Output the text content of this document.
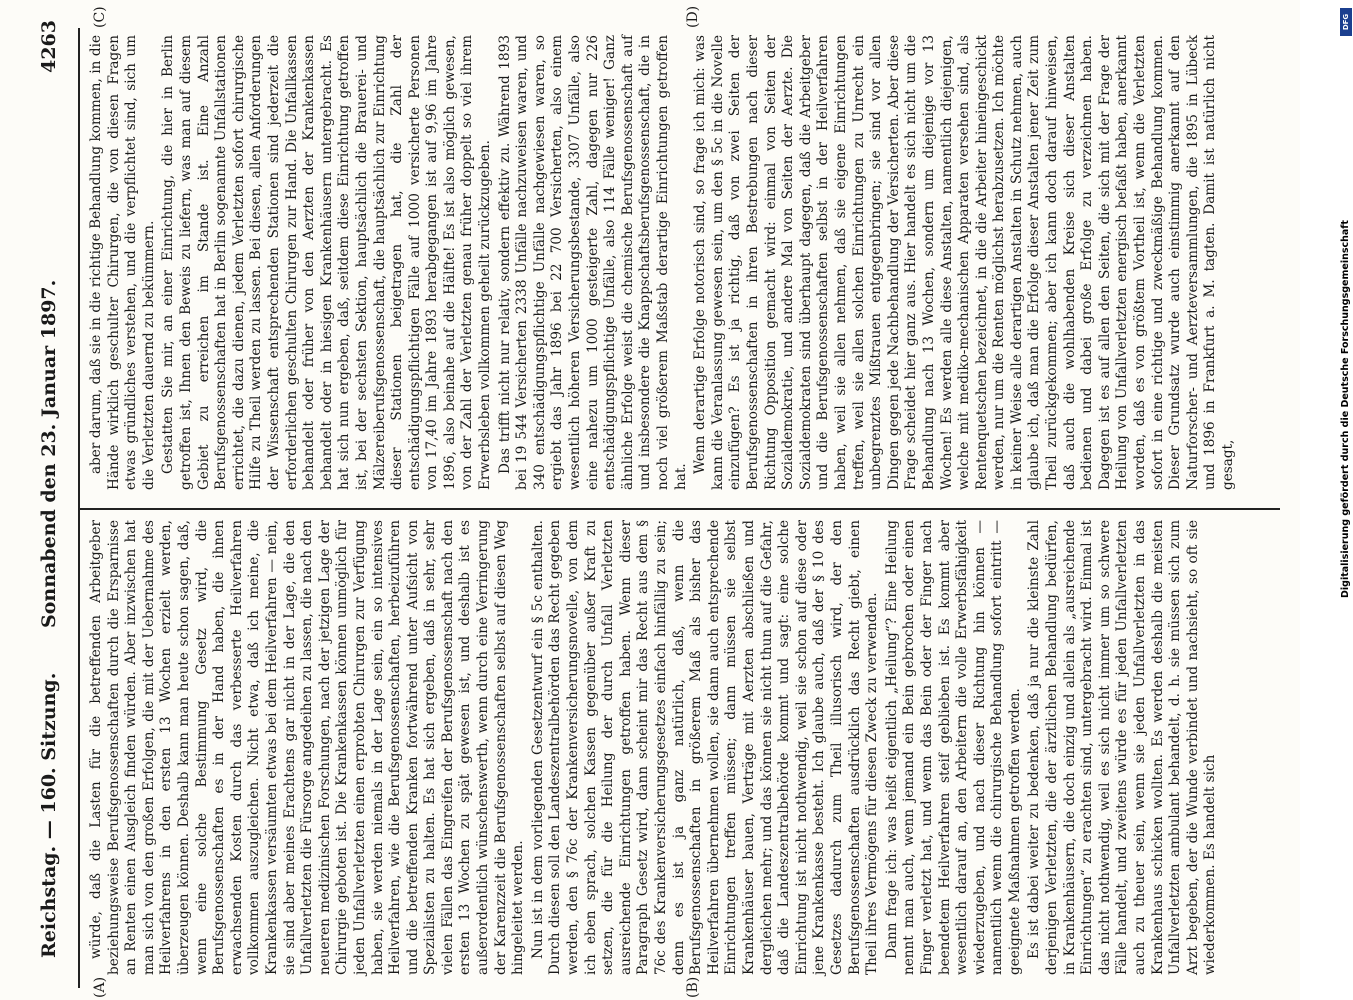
Reichstag. — 160. Sitzung.
Sonnabend den 23. Januar 1897.
4263
(A)	(B)
(C)	(D)

würde, daß die Lasten für die betreffenden Arbeitgeber beziehungsweise Berufsgenossenschaften durch die Ersparnisse an Renten einen Ausgleich finden würden. Aber inzwischen hat man sich von den großen Erfolgen, die mit der Uebernahme des Heilverfahrens in den ersten 13 Wochen erzielt werden, überzeugen können. Deshalb kann man heute schon sagen, daß, wenn eine solche Bestimmung Gesetz wird, die Berufsgenossenschaften es in der Hand haben, die ihnen erwachsenden Kosten durch das verbesserte Heilverfahren vollkommen auszugleichen. Nicht etwa, daß ich meine, die Krankenkassen versäumten etwas bei dem Heilverfahren — nein, sie sind aber meines Erachtens gar nicht in der Lage, die den Unfallverletzten die Fürsorge angedeihen zu lassen, die nach den neueren medizinischen Forschungen, nach der jetzigen Lage der Chirurgie geboten ist. Die Krankenkassen können unmöglich für jeden Unfallverletzten einen erprobten Chirurgen zur Verfügung haben, sie werden niemals in der Lage sein, ein so intensives Heilverfahren, wie die Berufsgenossenschaften, herbeizuführen und die betreffenden Kranken fortwährend unter Aufsicht von Spezialisten zu halten. Es hat sich ergeben, daß in sehr, sehr vielen Fällen das Eingreifen der Berufsgenossenschaft nach den ersten 13 Wochen zu spät gewesen ist, und deshalb ist es außerordentlich wünschenswerth, wenn durch eine Verringerung der Karenzzeit die Berufsgenossenschaften selbst auf diesen Weg hingeleitet werden. Nun ist in dem vorliegenden Gesetzentwurf ein § 5c enthalten. Durch diesen soll den Landeszentralbehörden das Recht gegeben werden, den § 76c der Krankenversicherungsnovelle, von dem ich eben sprach, solchen Kassen gegenüber außer Kraft zu setzen, die für die Heilung der durch Unfall Verletzten ausreichende Einrichtungen getroffen haben. Wenn dieser Paragraph Gesetz wird, dann scheint mir das Recht aus dem § 76c des Krankenversicherungsgesetzes einfach hinfällig zu sein; denn es ist ja ganz natürlich, daß, wenn die Berufsgenossenschaften in größerem Maß als bisher das Heilverfahren übernehmen wollen, sie dann auch entsprechende Einrichtungen treffen müssen; dann müssen sie selbst Krankenhäuser bauen, Verträge mit Aerzten abschließen und dergleichen mehr; und das können sie nicht thun auf die Gefahr, daß die Landeszentralbehörde kommt und sagt: eine solche Einrichtung ist nicht nothwendig, weil sie schon auf diese oder jene Krankenkasse besteht. Ich glaube auch, daß der § 10 des Gesetzes dadurch zum Theil illusorisch wird, der den Berufsgenossenschaften ausdrücklich das Recht giebt, einen Theil ihres Vermögens für diesen Zweck zu verwenden. Dann frage ich: was heißt eigentlich „Heilung“? Eine Heilung nennt man auch, wenn jemand ein Bein gebrochen oder einen Finger verletzt hat, und wenn das Bein oder der Finger nach beendetem Heilverfahren steif geblieben ist. Es kommt aber wesentlich darauf an, den Arbeitern die volle Erwerbsfähigkeit wiederzugeben, und nach dieser Richtung hin können — namentlich wenn die chirurgische Behandlung sofort eintritt — geeignete Maßnahmen getroffen werden. Es ist dabei weiter zu bedenken, daß ja nur die kleinste Zahl derjenigen Verletzten, die der ärztlichen Behandlung bedürfen, in Krankenhäusern, die doch einzig und allein als „ausreichende Einrichtungen“ zu erachten sind, untergebracht wird. Einmal ist das nicht nothwendig, weil es sich nicht immer um so schwere Fälle handelt, und zweitens würde es für jeden Unfallverletzten auch zu theuer sein, wenn sie jeden Unfallverletzten in das Krankenhaus schicken wollten. Es werden deshalb die meisten Unfallverletzten ambulant behandelt, d. h. sie müssen sich zum Arzt begeben, der die Wunde verbindet und nachsieht, so oft sie wiederkommen. Es handelt sich

aber darum, daß sie in die richtige Behandlung kommen, in die Hände wirklich geschulter Chirurgen, die von diesen Fragen etwas gründliches verstehen, und die verpflichtet sind, sich um die Verletzten dauernd zu bekümmern. Gestatten Sie mir, an einer Einrichtung, die hier in Berlin getroffen ist, Ihnen den Beweis zu liefern, was man auf diesem Gebiet zu erreichen im Stande ist. Eine Anzahl Berufsgenossenschaften hat in Berlin sogenannte Unfallstationen errichtet, die dazu dienen, jedem Verletzten sofort chirurgische Hilfe zu Theil werden zu lassen. Bei diesen, allen Anforderungen der Wissenschaft entsprechenden Stationen sind jederzeit die erforderlichen geschulten Chirurgen zur Hand. Die Unfallkassen behandelt oder früher von den Aerzten der Krankenkassen behandelt oder in hiesigen Krankenhäusern untergebracht. Es hat sich nun ergeben, daß, seitdem diese Einrichtung getroffen ist, bei der sechsten Sektion, hauptsächlich die Brauerei- und Mälzereiberufsgenossenschaft, die hauptsächlich zur Einrichtung dieser Stationen beigetragen hat, die Zahl der entschädigungspflichtigen Fälle auf 1000 versicherte Personen von 17,40 im Jahre 1893 herabgegangen ist auf 9,96 im Jahre 1896, also beinahe auf die Hälfte! Es ist also möglich gewesen, von der Zahl der Verletzten genau früher doppelt so viel ihrem Erwerbsleben vollkommen geheilt zurückzugeben. Das trifft nicht nur relativ, sondern effektiv zu. Während 1893 bei 19 544 Versicherten 2338 Unfälle nachzuweisen waren, und 340 entschädigungspflichtige Unfälle nachgewiesen waren, so ergiebt das Jahr 1896 bei 22 700 Versicherten, also einem wesentlich höheren Versicherungsbestande, 3307 Unfälle, also eine nahezu um 1000 gesteigerte Zahl, dagegen nur 226 entschädigungspflichtige Unfälle, also 114 Fälle weniger! Ganz ähnliche Erfolge weist die chemische Berufsgenossenschaft auf und insbesondere die Knappschaftsberufsgenossenschaft, die in noch viel größerem Maßstab derartige Einrichtungen getroffen hat.

Wenn derartige Erfolge notorisch sind, so frage ich mich: was kann die Veranlassung gewesen sein, um den § 5c in die Novelle einzufügen? Es ist ja richtig, daß von zwei Seiten der Berufsgenossenschaften in ihren Bestrebungen nach dieser Richtung Opposition gemacht wird: einmal von Seiten der Sozialdemokratie, und andere Mal von Seiten der Aerzte. Die Sozialdemokraten sind überhaupt dagegen, daß die Arbeitgeber und die Berufsgenossenschaften selbst in der Heilverfahren haben, weil sie allen nehmen, daß sie eigene Einrichtungen treffen, weil sie allen solchen Einrichtungen zu Unrecht ein unbegrenztes Mißtrauen entgegenbringen; sie sind vor allen Dingen gegen jede Nachbehandlung der Versicherten. Aber diese Frage scheidet hier ganz aus. Hier handelt es sich nicht um die Behandlung nach 13 Wochen, sondern um diejenige vor 13 Wochen! Es werden alle diese Anstalten, namentlich diejenigen, welche mit mediko-mechanischen Apparaten versehen sind, als Rentenquetschen bezeichnet, in die die Arbeiter hineingeschickt werden, nur um die Renten möglichst herabzusetzen. Ich möchte in keiner Weise alle derartigen Anstalten in Schutz nehmen, auch glaube ich, daß man die Erfolge dieser Anstalten jener Zeit zum Theil zurückgekommen; aber ich kann doch darauf hinweisen, daß auch die wohlhabenden Kreise sich dieser Anstalten bedienen und dabei große Erfolge zu verzeichnen haben. Dagegen ist es auf allen den Seiten, die sich mit der Frage der Heilung von Unfallverletzten energisch befaßt haben, anerkannt worden, daß es von größtem Vortheil ist, wenn die Verletzten sofort in eine richtige und zweckmäßige Behandlung kommen. Dieser Grundsatz wurde auch einstimmig anerkannt auf den Naturforscher- und Aerzteversammlungen, die 1895 in Lübeck und 1896 in Frankfurt a. M. tagten. Damit ist natürlich nicht gesagt,	Digitalisierung gefördert durch die Deutsche Forschungsgemeinschaft
DFG
